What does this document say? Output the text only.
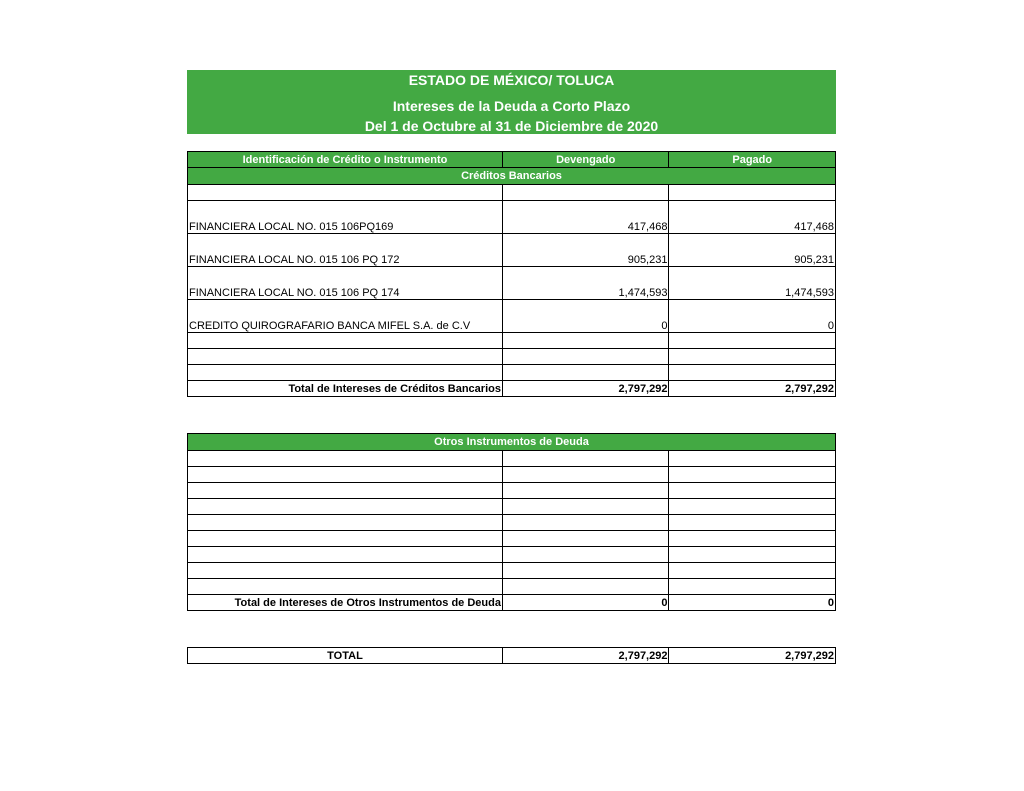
ESTADO DE MÉXICO/ TOLUCA
Intereses de la Deuda a Corto Plazo
Del 1 de Octubre al 31 de Diciembre de 2020
Identificación de Crédito o Instrumento	Devengado	Pagado
Créditos Bancarios		

FINANCIERA LOCAL NO. 015 106PQ169	417,468	417,468
FINANCIERA LOCAL NO. 015 106 PQ 172	905,231	905,231
FINANCIERA LOCAL NO. 015 106 PQ 174	1,474,593	1,474,593
CREDITO QUIROGRAFARIO BANCA MIFEL S.A. de C.V	0	0

Total de Intereses de Créditos Bancarios	2,797,292	2,797,292
Otros Instrumentos de Deuda		

Total de Intereses de Otros Instrumentos de Deuda	0	0
TOTAL	2,797,292	2,797,292
